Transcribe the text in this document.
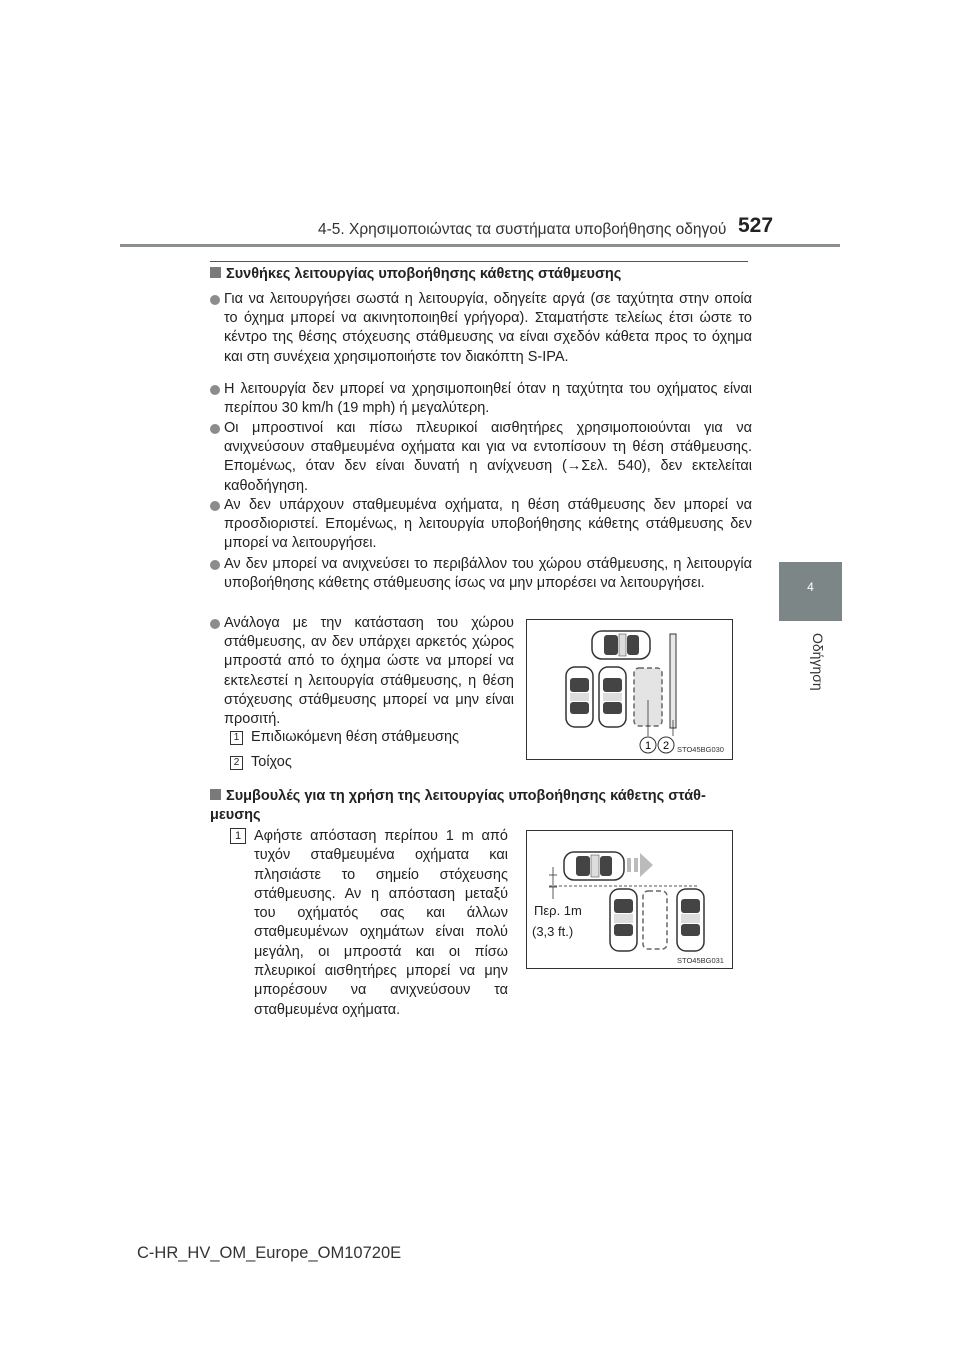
4-5. Χρησιμοποιώντας τα συστήματα υποβοήθησης οδηγού 527
4
Οδήγηση
Συνθήκες λειτουργίας υποβοήθησης κάθετης στάθμευσης
Για να λειτουργήσει σωστά η λειτουργία, οδηγείτε αργά (σε ταχύτητα στην οποία το όχημα μπορεί να ακινητοποιηθεί γρήγορα). Σταματήστε τελείως έτσι ώστε το κέντρο της θέσης στόχευσης στάθμευσης να είναι σχεδόν κάθετα προς το όχημα και στη συνέχεια χρησιμοποιήστε τον διακόπτη S-IPA.
Η λειτουργία δεν μπορεί να χρησιμοποιηθεί όταν η ταχύτητα του οχήματος είναι περίπου 30 km/h (19 mph) ή μεγαλύτερη.
Οι μπροστινοί και πίσω πλευρικοί αισθητήρες χρησιμοποιούνται για να ανιχνεύσουν σταθμευμένα οχήματα και για να εντοπίσουν τη θέση στάθμευσης. Επομένως, όταν δεν είναι δυνατή η ανίχνευση (→Σελ. 540), δεν εκτελείται καθοδήγηση.
Αν δεν υπάρχουν σταθμευμένα οχήματα, η θέση στάθμευσης δεν μπορεί να προσδιοριστεί. Επομένως, η λειτουργία υποβοήθησης κάθετης στάθμευσης δεν μπορεί να λειτουργήσει.
Αν δεν μπορεί να ανιχνεύσει το περιβάλλον του χώρου στάθμευσης, η λειτουργία υποβοήθησης κάθετης στάθμευσης ίσως να μην μπορέσει να λειτουργήσει.
Ανάλογα με την κατάσταση του χώρου στάθμευσης, αν δεν υπάρχει αρκετός χώρος μπροστά από το όχημα ώστε να μπορεί να εκτελεστεί η λειτουργία στάθμευσης, η θέση στόχευσης στάθμευσης μπορεί να μην είναι προσιτή.
1 Επιδιωκόμενη θέση στάθμευσης
2 Τοίχος
1 2 STO45BG030
Συμβουλές για τη χρήση της λειτουργίας υποβοήθησης κάθετης στάθ-
μευσης
1 Αφήστε απόσταση περίπου 1 m από τυχόν σταθμευμένα οχήματα και πλησιάστε το σημείο στόχευσης στάθμευσης. Αν η απόσταση μεταξύ του οχήματός σας και άλλων σταθμευμένων οχημάτων είναι πολύ μεγάλη, οι μπροστά και οι πίσω πλευρικοί αισθητήρες μπορεί να μην μπορέσουν να ανιχνεύσουν τα σταθμευμένα οχήματα.
Περ. 1m
(3,3 ft.)
STO45BG031
C-HR_HV_OM_Europe_OM10720E
